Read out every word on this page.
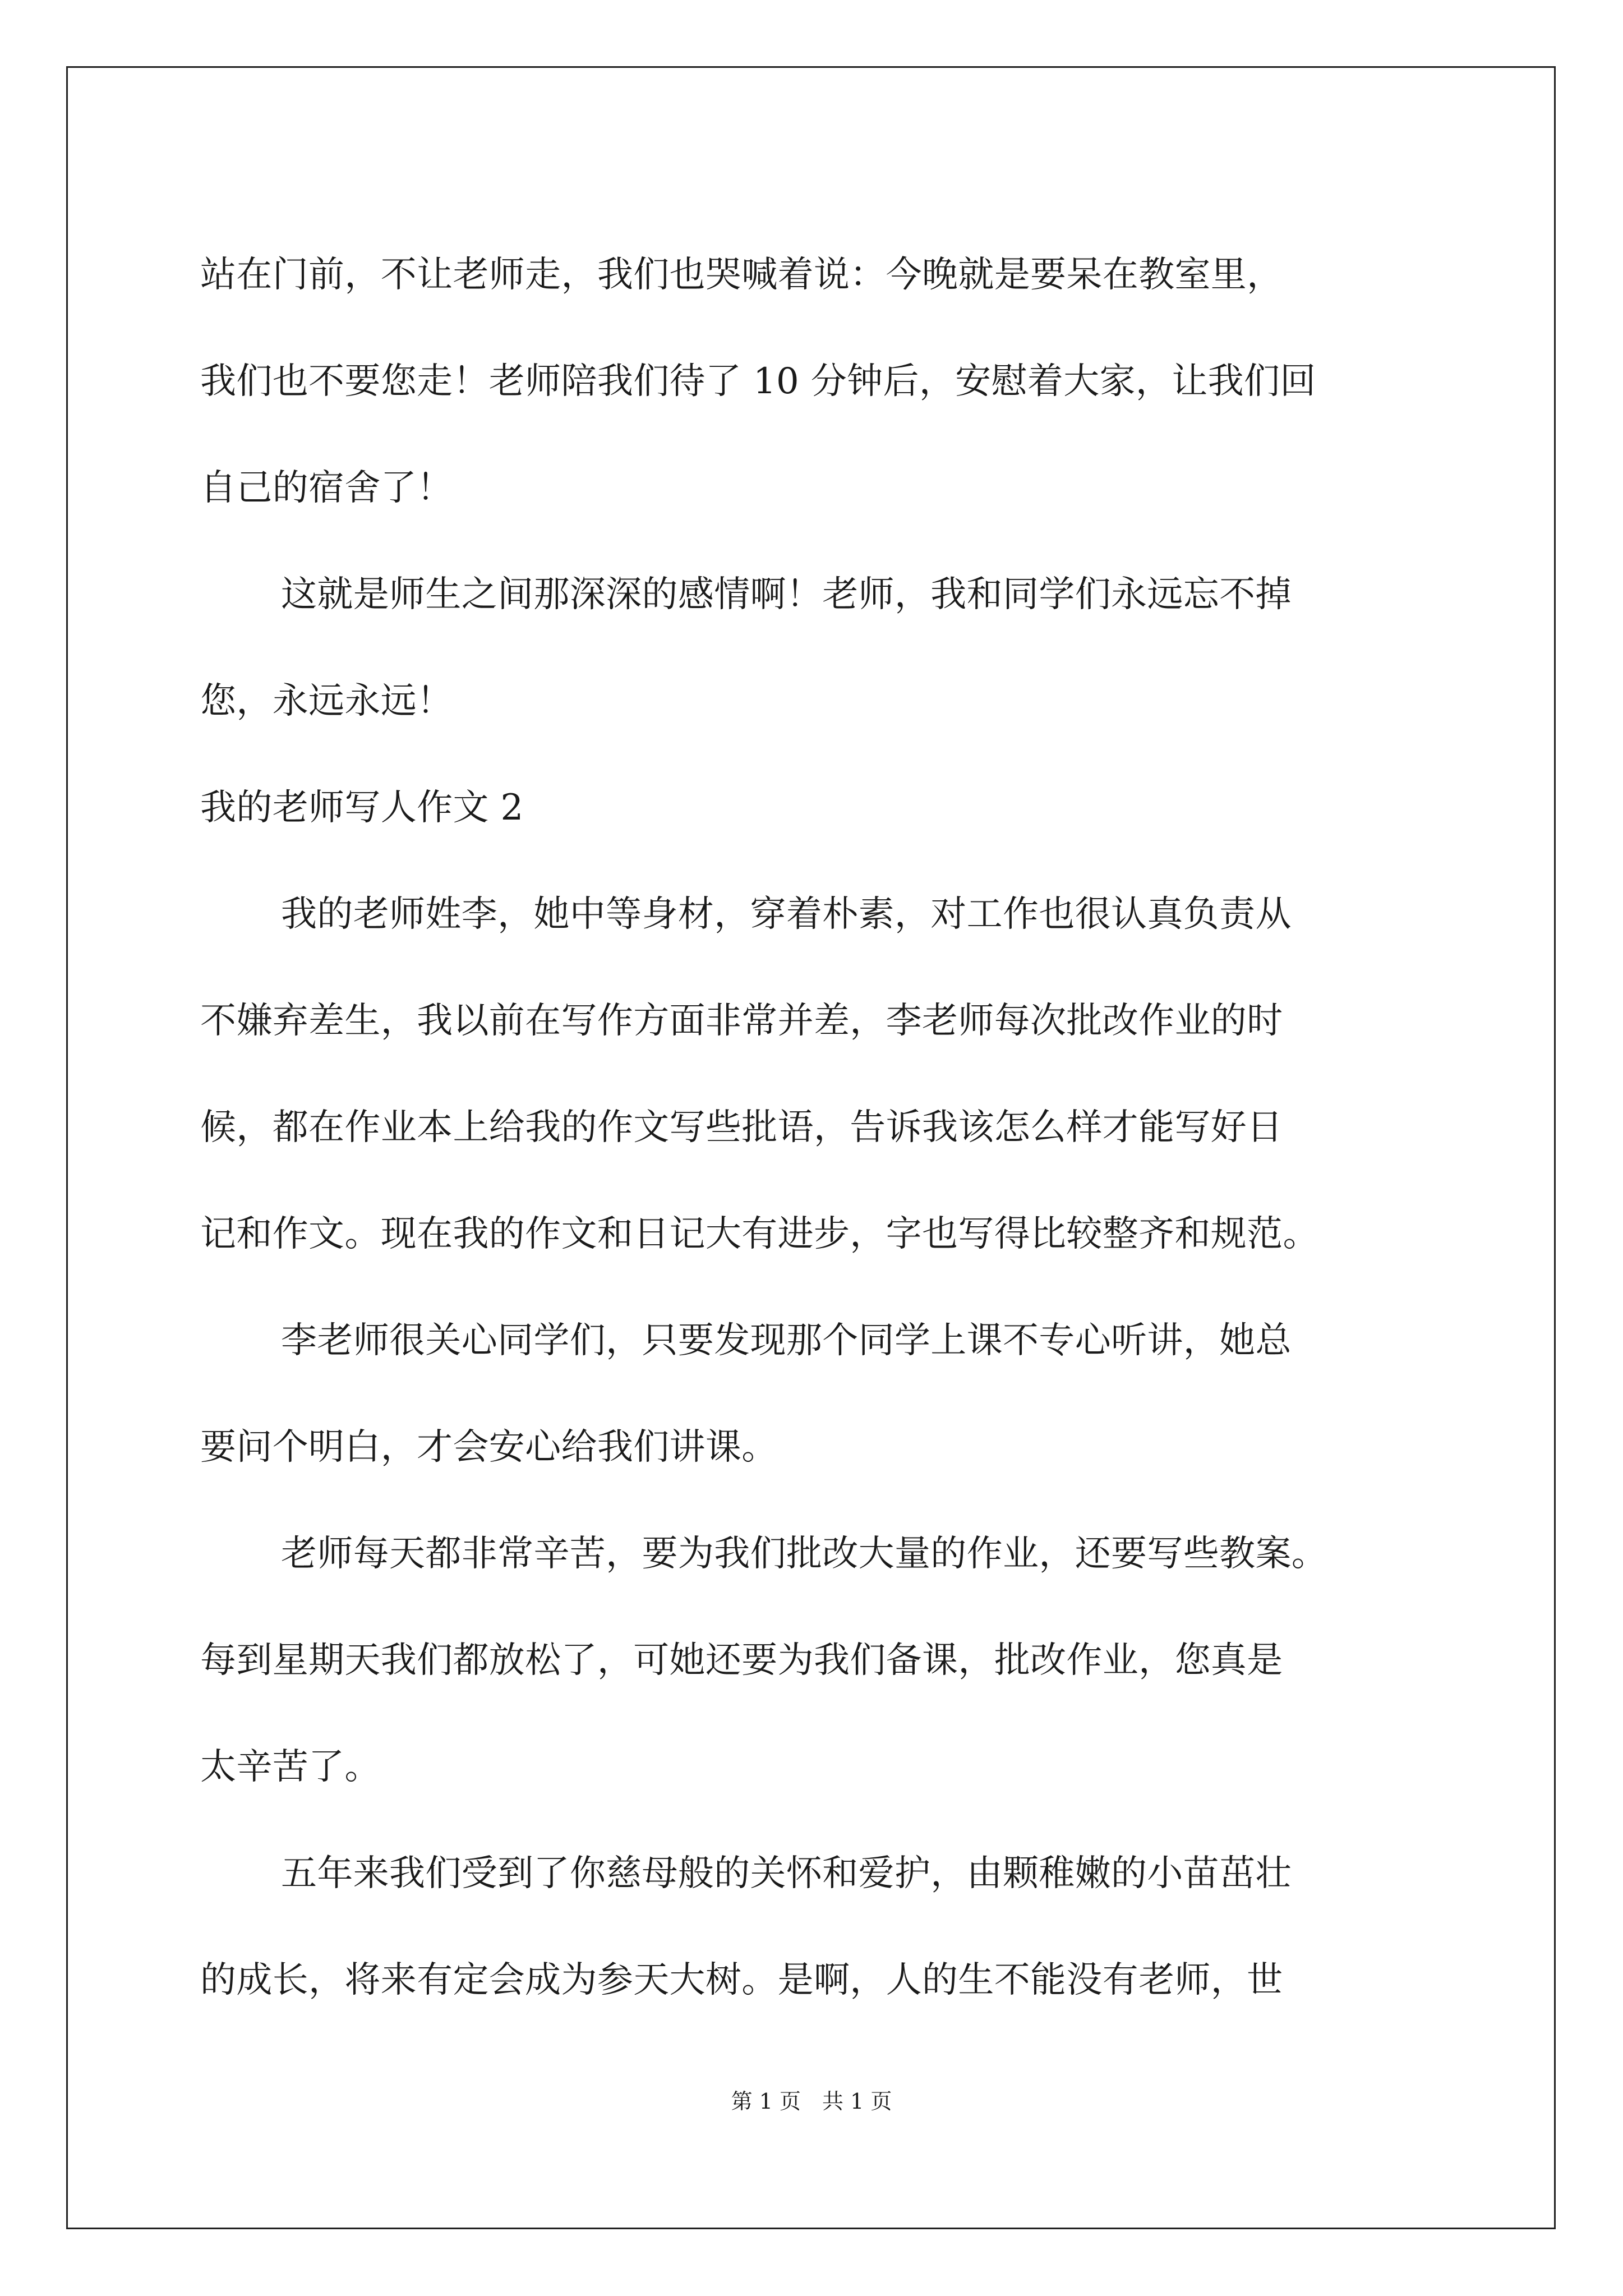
站在门前，不让老师走，我们也哭喊着说：今晚就是要呆在教室里，
我们也不要您走！老师陪我们待了 10 分钟后，安慰着大家，让我们回
自己的宿舍了！
这就是师生之间那深深的感情啊！老师，我和同学们永远忘不掉
您，永远永远！
我的老师写人作文 2
我的老师姓李，她中等身材，穿着朴素，对工作也很认真负责从
不嫌弃差生，我以前在写作方面非常并差，李老师每次批改作业的时
候，都在作业本上给我的作文写些批语，告诉我该怎么样才能写好日
记和作文。现在我的作文和日记大有进步，字也写得比较整齐和规范。
李老师很关心同学们，只要发现那个同学上课不专心听讲，她总
要问个明白，才会安心给我们讲课。
老师每天都非常辛苦，要为我们批改大量的作业，还要写些教案。
每到星期天我们都放松了，可她还要为我们备课，批改作业，您真是
太辛苦了。
五年来我们受到了你慈母般的关怀和爱护，由颗稚嫩的小苗茁壮
的成长，将来有定会成为参天大树。是啊，人的生不能没有老师，世
第 1 页　共 1 页
